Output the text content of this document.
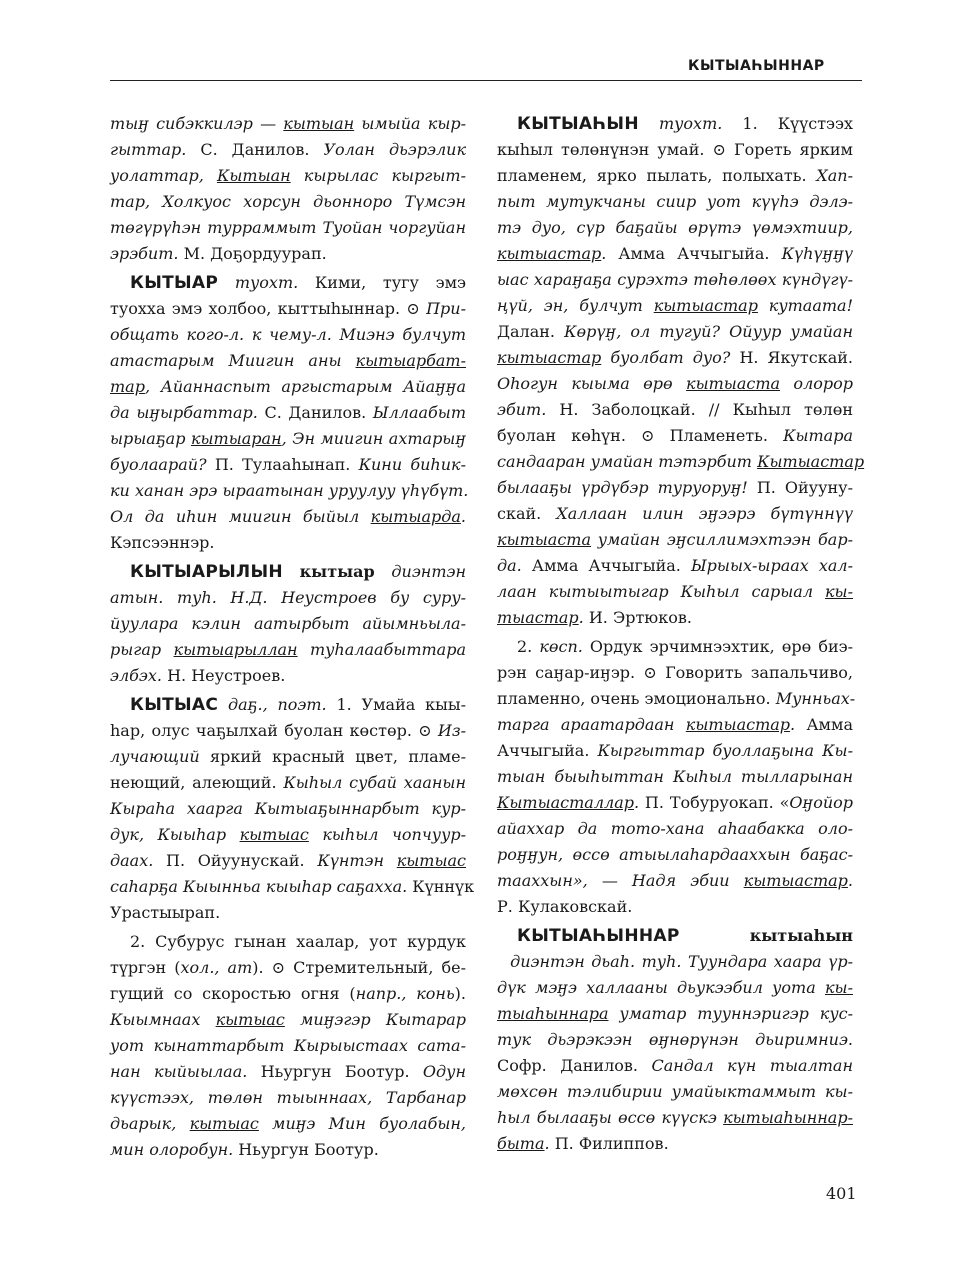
КЫТЫАҺЫННАР
тыӈ сибэккилэр — кытыан ымыйа кыр-
гыттар. С. Данилов. Уолан дьэрэлик
уолаттар, Кытыан кырылас кыргыт-
тар, Холкуос хорсун дьонноро Түмсэн
төгүрүһэн турраммыт Туойан чоргуйан
эрэбит. М. Доҕордуурап.
КЫТЫАР туохт. Кими, тугу эмэ
туохха эмэ холбоо, кыттыһыннар. ⊙ При-
общать кого-л. к чему-л. Миэнэ булчут
атастарым Миигин аны кытыарбат-
тар, Айаннаспыт аргыстарым Айаӈӈа
да ыӈырбаттар. С. Данилов. Ыллаабыт
ырыаҕар кытыаран, Эн миигин ахтарыӈ
буолаарай? П. Тулааһынап. Кини биһик-
ки ханан эрэ ыраатынан уруулуу үһүбүт.
Ол да иһин миигин быйыл кытыарда.
Кэпсээннэр.
КЫТЫАРЫЛЫН кытыар диэнтэн
атын. туһ. Н.Д. Неустроев бу суру-
йуулара кэлин аатырбыт айымньыла-
рыгар кытыарыллан туһалаабыттара
элбэх. Н. Неустроев.
КЫТЫАС даҕ., поэт. 1. Умайа кыы-
һар, олус чаҕылхай буолан көстөр. ⊙ Из-
лучающий яркий красный цвет, пламе-
неющий, алеющий. Кыһыл субай хаанын
Кыраһа хаарга Кытыаҕыннарбыт кур-
дук, Кыыһар кытыас кыһыл чопчуур-
даах. П. Ойуунускай. Күнтэн кытыас
саһарҕа Кыынньа кыыһар саҕахха. Күннүк
Урастыырап.
2. Субурус гынан хаалар, уот курдук
түргэн (хол., ат). ⊙ Стремительный, бе-
гущий со скоростью огня (напр., конь).
Кыымнаах кытыас миӈэгэр Кытарар
уот кынаттарбыт Кырыыстаах сата-
нан кыйыылаа. Ньургун Боотур. Одун
күүстээх, төлөн тыыннаах, Тарбанар
дьарык, кытыас миӈэ Мин буолабын,
мин олоробун. Ньургун Боотур.
КЫТЫАҺЫН туохт. 1. Күүстээх
кыһыл төлөнүнэн умай. ⊙ Гореть ярким
пламенем, ярко пылать, полыхать. Хап-
пыт мутукчаны сиир уот күүһэ дэлэ-
тэ дуо, сүр баҕайы өрүтэ үөмэхтиир,
кытыастар. Амма Аччыгыйа. Күһүӈӈү
ыас хараӈаҕа сурэхтэ төһөлөөх күндүгү-
ңүй, эн, булчут кытыастар кутаата!
Далан. Көрүӈ, ол тугуй? Ойуур умайан
кытыастар буолбат дуо? Н. Якутскай.
Оһогун кыыма өрө кытыаста олорор
эбит. Н. Заболоцкай. // Кыһыл төлөн
буолан көһүн. ⊙ Пламенеть. Кытара
сандааран умайан тэтэрбит Кытыастар
былааҕы үрдүбэр туруоруӈ! П. Ойууну-
скай. Халлаан илин эӈээрэ бүтүннүү
кытыаста умайан эӈсиллимэхтээн бар-
да. Амма Аччыгыйа. Ырыых-ыраах хал-
лаан кытыытыгар Кыһыл сарыал кы-
тыастар. И. Эртюков.
2. көсп. Ордук эрчимнээхтик, өрө биэ-
рэн саӈар-иӈэр. ⊙ Говорить запальчиво,
пламенно, очень эмоционально. Мунньах-
тарга араатардаан кытыастар. Амма
Аччыгыйа. Кыргыттар буоллаҕына Кы-
тыан быыһыттан Кыһыл тылларынан
Кытыасталлар. П. Тобуруокап. «Оӈойор
айаххар да тото-хана аһаабакка оло-
роӈӈун, өссө атыылаһардааххын баҕас-
тааххын», — Надя эбии кытыастар.
Р. Кулаковскай.
КЫТЫАҺЫННАР	кытыаһын
диэнтэн дьаһ. туһ. Туундара хаара үр-
дүк мэӈэ халлааны дьукээбил уота кы-
тыаһыннара уматар тууннэригэр кус-
тук дьэрэкээн өӈнөрүнэн дьиримниэ.
Софр. Данилов. Сандал күн тыалтан
мөхсөн тэлибирии умайыктаммыт кы-
һыл былааҕы өссө күүскэ кытыаһыннар-
быта. П. Филиппов.
401
